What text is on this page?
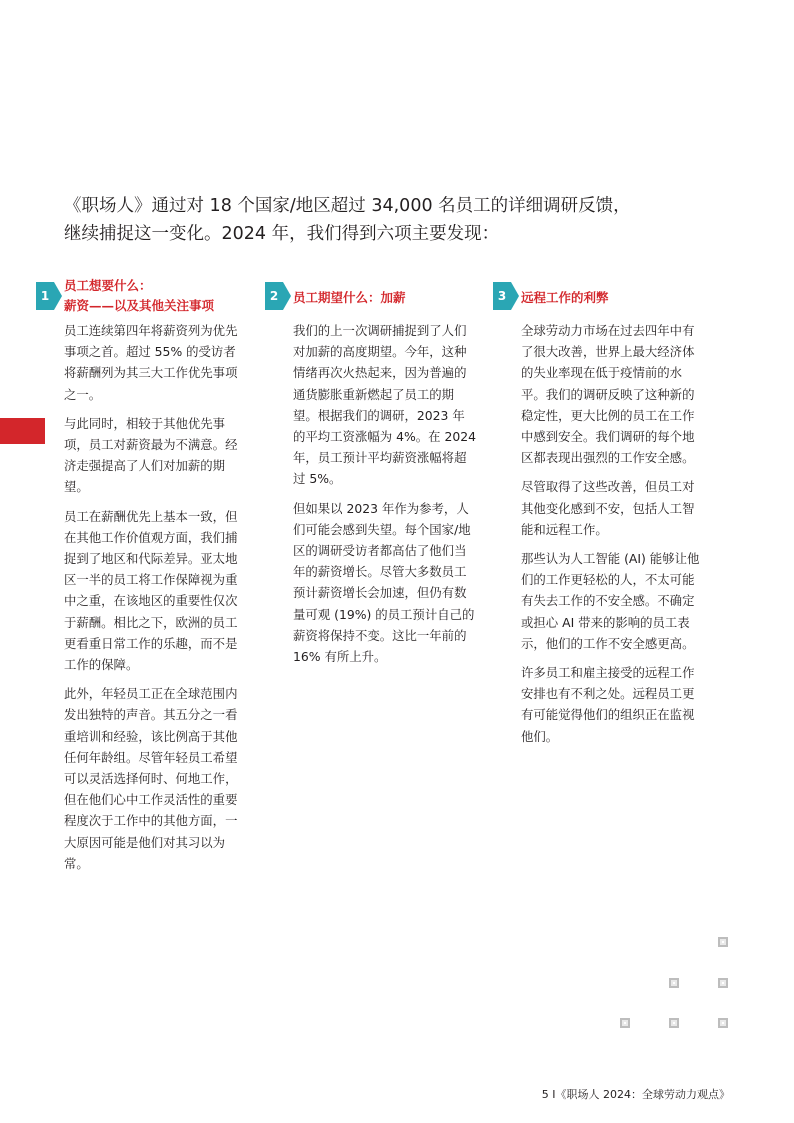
《职场人》通过对 18 个国家/地区超过 34,000 名员工的详细调研反馈，
继续捕捉这一变化。2024 年，我们得到六项主要发现：
1
员工想要什么：
薪资——以及其他关注事项

员工连续第四年将薪资列为优先事项之首。超过 55% 的受访者将薪酬列为其三大工作优先事项之一。

与此同时，相较于其他优先事项，员工对薪资最为不满意。经济走强提高了人们对加薪的期望。

员工在薪酬优先上基本一致，但在其他工作价值观方面，我们捕捉到了地区和代际差异。亚太地区一半的员工将工作保障视为重中之重，在该地区的重要性仅次于薪酬。相比之下，欧洲的员工更看重日常工作的乐趣，而不是工作的保障。

此外，年轻员工正在全球范围内发出独特的声音。其五分之一看重培训和经验，该比例高于其他任何年龄组。尽管年轻员工希望可以灵活选择何时、何地工作，但在他们心中工作灵活性的重要程度次于工作中的其他方面，一大原因可能是他们对其习以为常。

2	员工期望什么：加薪

我们的上一次调研捕捉到了人们对加薪的高度期望。今年，这种情绪再次火热起来，因为普遍的通货膨胀重新燃起了员工的期望。根据我们的调研，2023 年的平均工资涨幅为 4%。在 2024 年，员工预计平均薪资涨幅将超过 5%。

但如果以 2023 年作为参考，人们可能会感到失望。每个国家/地区的调研受访者都高估了他们当年的薪资增长。尽管大多数员工预计薪资增长会加速，但仍有数量可观 (19%) 的员工预计自己的薪资将保持不变。这比一年前的 16% 有所上升。

3	远程工作的利弊

全球劳动力市场在过去四年中有了很大改善，世界上最大经济体的失业率现在低于疫情前的水平。我们的调研反映了这种新的稳定性，更大比例的员工在工作中感到安全。我们调研的每个地区都表现出强烈的工作安全感。

尽管取得了这些改善，但员工对其他变化感到不安，包括人工智能和远程工作。

那些认为人工智能 (AI) 能够让他们的工作更轻松的人，不太可能有失去工作的不安全感。不确定或担心 AI 带来的影响的员工表示，他们的工作不安全感更高。

许多员工和雇主接受的远程工作安排也有不利之处。远程员工更有可能觉得他们的组织正在监视他们。

5 I《职场人 2024：全球劳动力观点》
